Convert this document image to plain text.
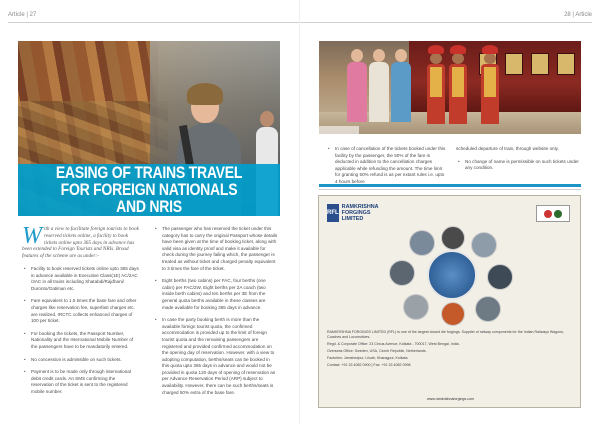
Article | 27
EASING OF TRAINS TRAVEL FOR FOREIGN NATIONALS AND NRIS
W ith a view to facilitate foreign tourists to book reserved tickets online, a facility to book tickets online upto 365 days in advance has been extended to Foreign Tourists and NRIs. Broad features of the scheme are as under:-
• Facility to book reserved tickets online upto 365 days in advance available in Executive Class(1E) AC/2AC /3AC in all trains including Shatabdi/Rajdhani/ Duronto/Gatiman etc.
• Fare equivalent to 1.5 times the base fare and other charges like reservation fee, superfast charges etc. are realized. IRCTC collects enhanced charges of 100 per ticket.
• For booking the tickets, the Passport Number, Nationality and the International Mobile Number of the passengers have to be mandatorily entered.
• No concession is admissible on such tickets.
• Payment is to be made only through international debit credit cards. An SMS confirming the reservation of the ticket is sent to the registered mobile number.
• The passenger who has reserved the ticket under this category has to carry the original Passport whose details have been given at the time of booking ticket, along with valid visa as identity proof and make it available for check during the journey failing which, the passenger is treated as without ticket and charged penalty equivalent to 3 times the fare of the ticket.
• Eight berths (two cabins) per FAC, four berths (one cabin) per FAC/2W, Eight berths per 2A coach (two inside berth cabins) and ten berths per 3E from the general quota berths available in these classes are made available for booking 365 days in advance.
• In case the party booking berth is more than the available foreign tourist quota, the confirmed accommodation is provided up to the limit of foreign tourist quota and the remaining passengers are registered and provided confirmed accommodation on the opening day of reservation. However, with a view to adopting computation, berths/seats can be booked in this quota upto 365 days in advance and would not be provided in quota 120 days of opening of reservation as per Advance Reservation Period (ARP) subject to availability. However, there can be such berths/seats is charged 50% extra of the base fare.
28 | Article
• In case of cancellation of the tickets booked under this facility by the passenger, the 50% of the fare is deducted in addition to the cancellation charges applicable while refunding the amount. The time limit for granting 50% refund is as per extant rules i.e. upto 4 hours before

scheduled departure of train, through website only.

• No change of name is permissible on such tickets under any condition.
RFL
RAMKRISHNA FORGINGS LIMITED

RAMKRISHNA FORGINGS LIMITED (RFL) is one of the largest closed die forgings. Supplier of railway components for the Indian Railways Wagons, Coaches and Locomotives.

Regd. & Corporate Office: 23 Circus Avenue, Kolkata - 700017, West Bengal, India.

Overseas Office: Sweden, USA, Czech Republic, Netherlands.

Factories: Jamshedpur, Liluah, Kharagpur, Kolkata.

Contact: +91 33 4082 0900 | Fax: +91 33 4082 0998

www.ramkrishnaforgings.com
